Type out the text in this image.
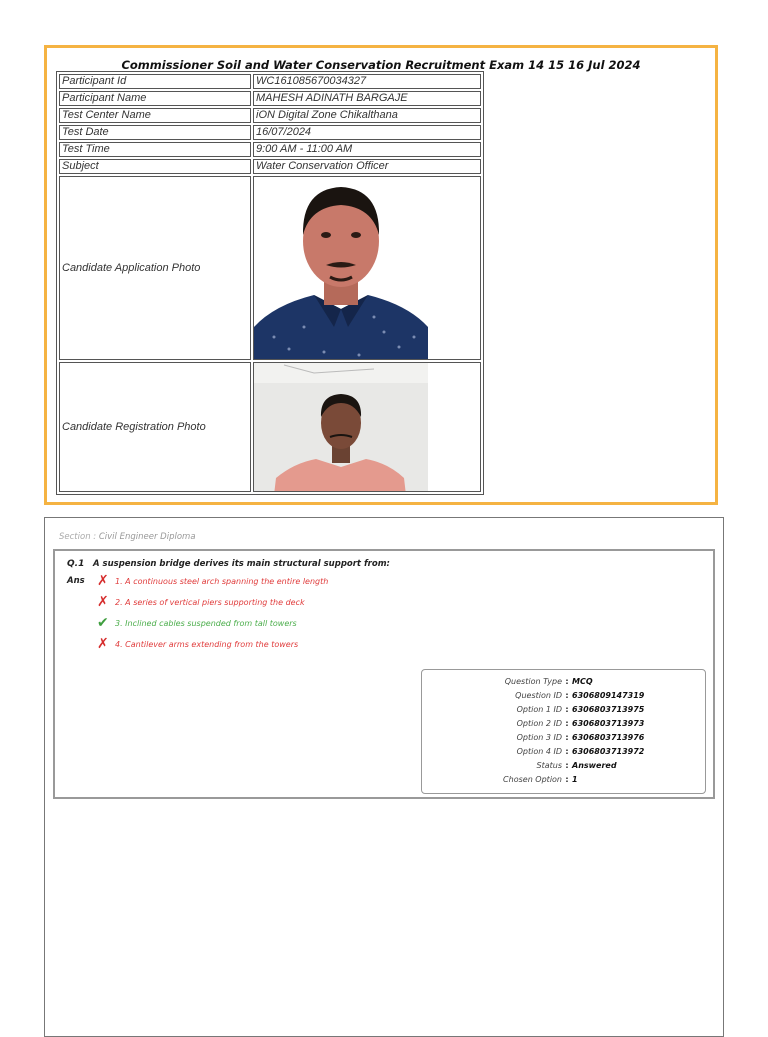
Commissioner Soil and Water Conservation Recruitment Exam 14 15 16 Jul 2024
Participant Id	WC161085670034327
Participant Name	MAHESH ADINATH BARGAJE
Test Center Name	iON Digital Zone Chikalthana
Test Date	16/07/2024
Test Time	9:00 AM - 11:00 AM
Subject	Water Conservation Officer
Candidate Application Photo	

Candidate Registration Photo	
Section : Civil Engineer Diploma
Q.1 A suspension bridge derives its main structural support from:
Ans ✗ 1. A continuous steel arch spanning the entire length
✗ 2. A series of vertical piers supporting the deck
✔ 3. Inclined cables suspended from tall towers
✗ 4. Cantilever arms extending from the towers
Question Type : MCQ
Question ID : 6306809147319
Option 1 ID : 6306803713975
Option 2 ID : 6306803713973
Option 3 ID : 6306803713976
Option 4 ID : 6306803713972
Status : Answered
Chosen Option : 1
